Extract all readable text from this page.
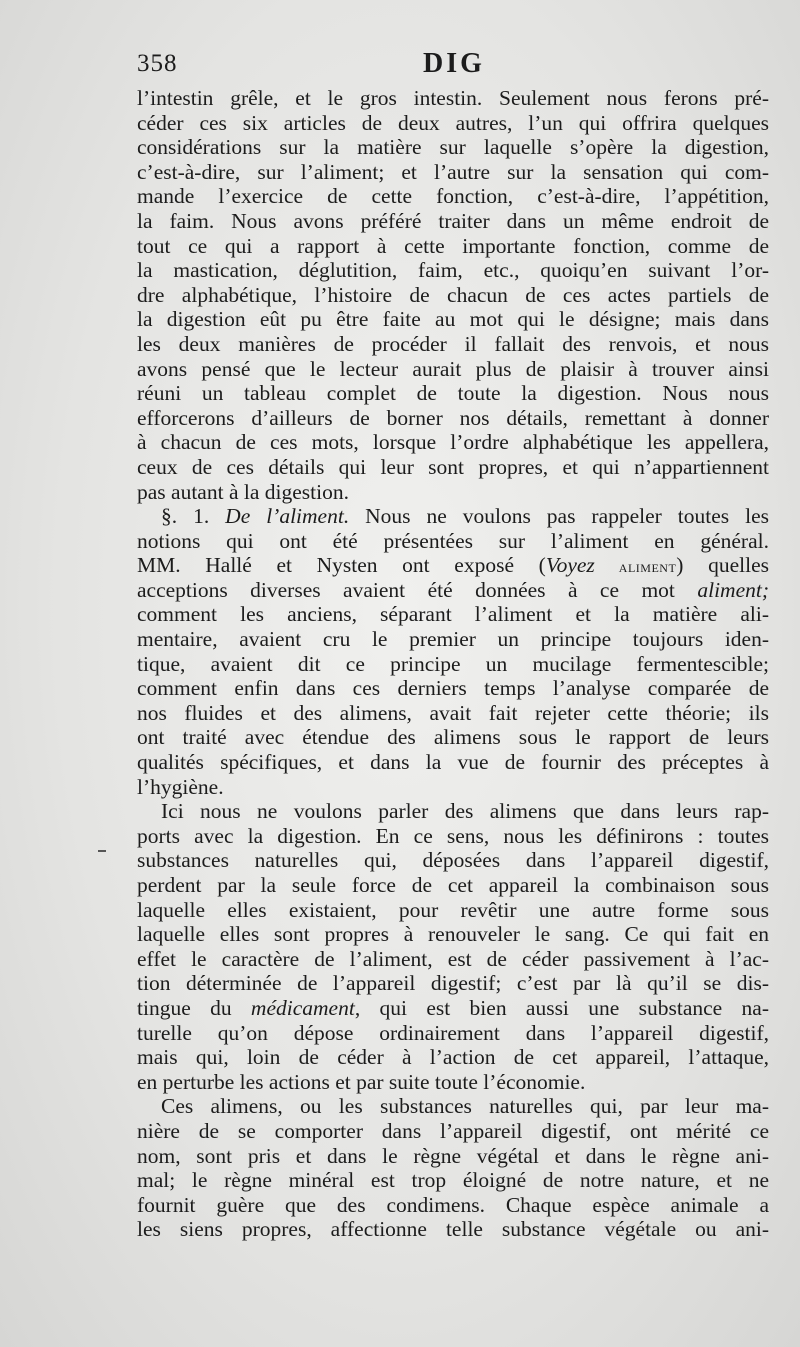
358	DIG
l’intestin grêle, et le gros intestin. Seulement nous ferons pré-
céder ces six articles de deux autres, l’un qui offrira quelques
considérations sur la matière sur laquelle s’opère la digestion,
c’est-à-dire, sur l’aliment; et l’autre sur la sensation qui com-
mande l’exercice de cette fonction, c’est-à-dire, l’appétition,
la faim. Nous avons préféré traiter dans un même endroit de
tout ce qui a rapport à cette importante fonction, comme de
la mastication, déglutition, faim, etc., quoiqu’en suivant l’or-
dre alphabétique, l’histoire de chacun de ces actes partiels de
la digestion eût pu être faite au mot qui le désigne; mais dans
les deux manières de procéder il fallait des renvois, et nous
avons pensé que le lecteur aurait plus de plaisir à trouver ainsi
réuni un tableau complet de toute la digestion. Nous nous
efforcerons d’ailleurs de borner nos détails, remettant à donner
à chacun de ces mots, lorsque l’ordre alphabétique les appellera,
ceux de ces détails qui leur sont propres, et qui n’appartiennent
pas autant à la digestion.
§. 1. De l’aliment. Nous ne voulons pas rappeler toutes les
notions qui ont été présentées sur l’aliment en général.
MM. Hallé et Nysten ont exposé (Voyez aliment) quelles
acceptions diverses avaient été données à ce mot aliment;
comment les anciens, séparant l’aliment et la matière ali-
mentaire, avaient cru le premier un principe toujours iden-
tique, avaient dit ce principe un mucilage fermentescible;
comment enfin dans ces derniers temps l’analyse comparée de
nos fluides et des alimens, avait fait rejeter cette théorie; ils
ont traité avec étendue des alimens sous le rapport de leurs
qualités spécifiques, et dans la vue de fournir des préceptes à
l’hygiène.
Ici nous ne voulons parler des alimens que dans leurs rap-
ports avec la digestion. En ce sens, nous les définirons : toutes
substances naturelles qui, déposées dans l’appareil digestif,
perdent par la seule force de cet appareil la combinaison sous
laquelle elles existaient, pour revêtir une autre forme sous
laquelle elles sont propres à renouveler le sang. Ce qui fait en
effet le caractère de l’aliment, est de céder passivement à l’ac-
tion déterminée de l’appareil digestif; c’est par là qu’il se dis-
tingue du médicament, qui est bien aussi une substance na-
turelle qu’on dépose ordinairement dans l’appareil digestif,
mais qui, loin de céder à l’action de cet appareil, l’attaque,
en perturbe les actions et par suite toute l’économie.
Ces alimens, ou les substances naturelles qui, par leur ma-
nière de se comporter dans l’appareil digestif, ont mérité ce
nom, sont pris et dans le règne végétal et dans le règne ani-
mal; le règne minéral est trop éloigné de notre nature, et ne
fournit guère que des condimens. Chaque espèce animale a
les siens propres, affectionne telle substance végétale ou ani-
